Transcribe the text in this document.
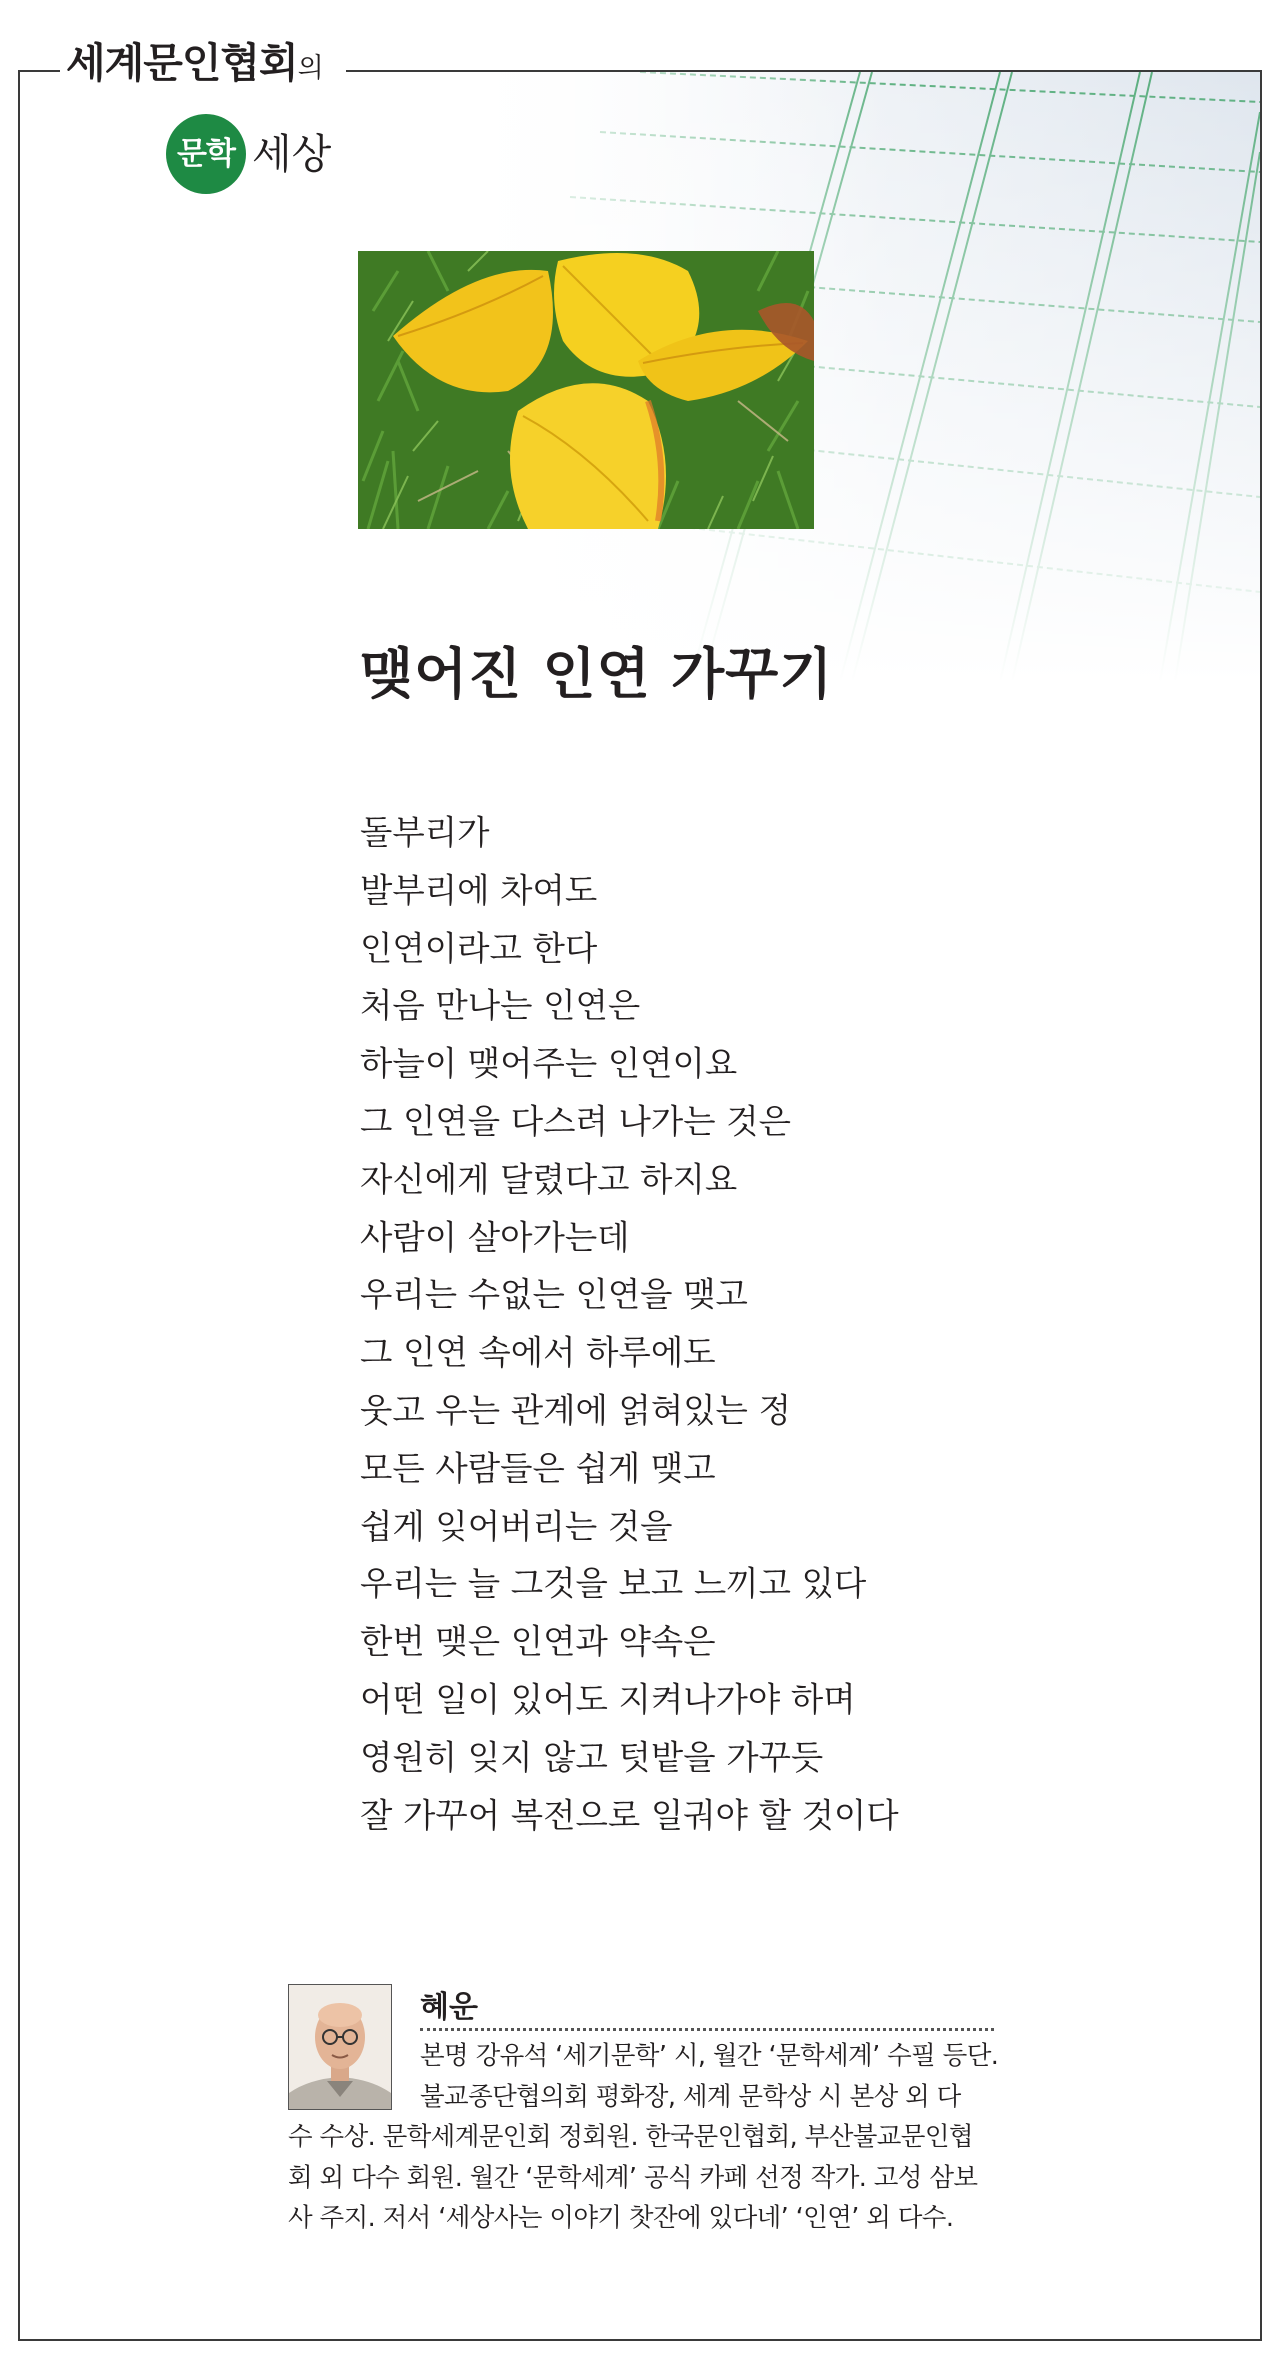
세계문인협회의
문학 세상
맺어진 인연 가꾸기
돌부리가
발부리에 차여도
인연이라고 한다
처음 만나는 인연은
하늘이 맺어주는 인연이요
그 인연을 다스려 나가는 것은
자신에게 달렸다고 하지요
사람이 살아가는데
우리는 수없는 인연을 맺고
그 인연 속에서 하루에도
웃고 우는 관계에 얽혀있는 정
모든 사람들은 쉽게 맺고
쉽게 잊어버리는 것을
우리는 늘 그것을 보고 느끼고 있다
한번 맺은 인연과 약속은
어떤 일이 있어도 지켜나가야 하며
영원히 잊지 않고 텃밭을 가꾸듯
잘 가꾸어 복전으로 일궈야 할 것이다
혜운
본명 강유석 ‘세기문학’ 시, 월간 ‘문학세계’ 수필 등단.
불교종단협의회 평화장, 세계 문학상 시 본상 외 다
수 수상. 문학세계문인회 정회원. 한국문인협회, 부산불교문인협
회 외 다수 회원. 월간 ‘문학세계’ 공식 카페 선정 작가. 고성 삼보
사 주지. 저서 ‘세상사는 이야기 찻잔에 있다네’ ‘인연’ 외 다수.
